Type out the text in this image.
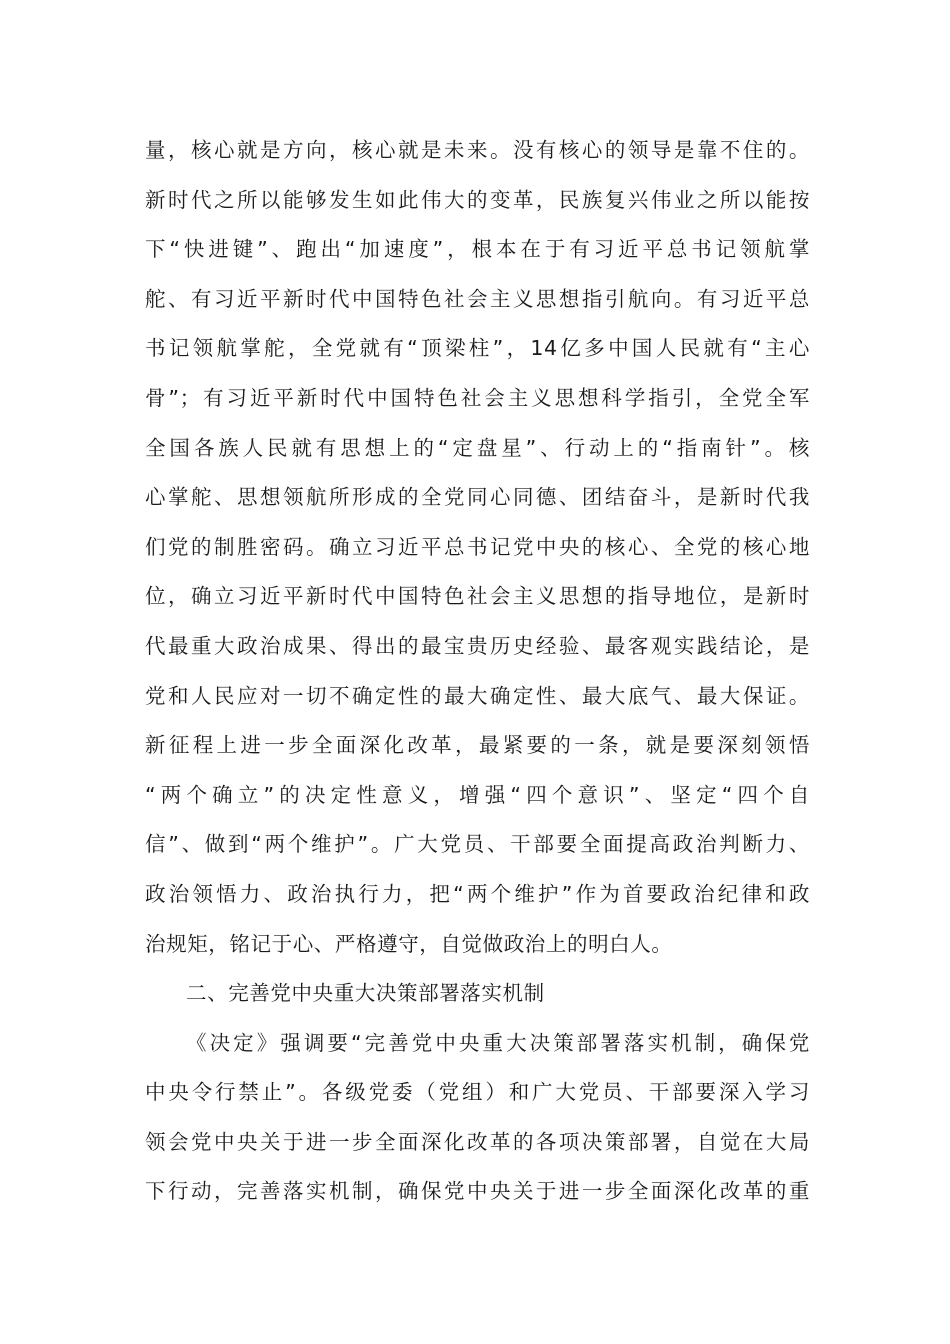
量，核心就是方向，核心就是未来。没有核心的领导是靠不住的。
新时代之所以能够发生如此伟大的变革，民族复兴伟业之所以能按
下“快进键”、跑出“加速度”，根本在于有习近平总书记领航掌
舵、有习近平新时代中国特色社会主义思想指引航向。有习近平总
书记领航掌舵，全党就有“顶梁柱”，14亿多中国人民就有“主心
骨”；有习近平新时代中国特色社会主义思想科学指引，全党全军
全国各族人民就有思想上的“定盘星”、行动上的“指南针”。核
心掌舵、思想领航所形成的全党同心同德、团结奋斗，是新时代我
们党的制胜密码。确立习近平总书记党中央的核心、全党的核心地
位，确立习近平新时代中国特色社会主义思想的指导地位，是新时
代最重大政治成果、得出的最宝贵历史经验、最客观实践结论，是
党和人民应对一切不确定性的最大确定性、最大底气、最大保证。
新征程上进一步全面深化改革，最紧要的一条，就是要深刻领悟
“两个确立”的决定性意义，增强“四个意识”、坚定“四个自
信”、做到“两个维护”。广大党员、干部要全面提高政治判断力、
政治领悟力、政治执行力，把“两个维护”作为首要政治纪律和政
治规矩，铭记于心、严格遵守，自觉做政治上的明白人。
二、完善党中央重大决策部署落实机制
《决定》强调要“完善党中央重大决策部署落实机制，确保党
中央令行禁止”。各级党委（党组）和广大党员、干部要深入学习
领会党中央关于进一步全面深化改革的各项决策部署，自觉在大局
下行动，完善落实机制，确保党中央关于进一步全面深化改革的重
